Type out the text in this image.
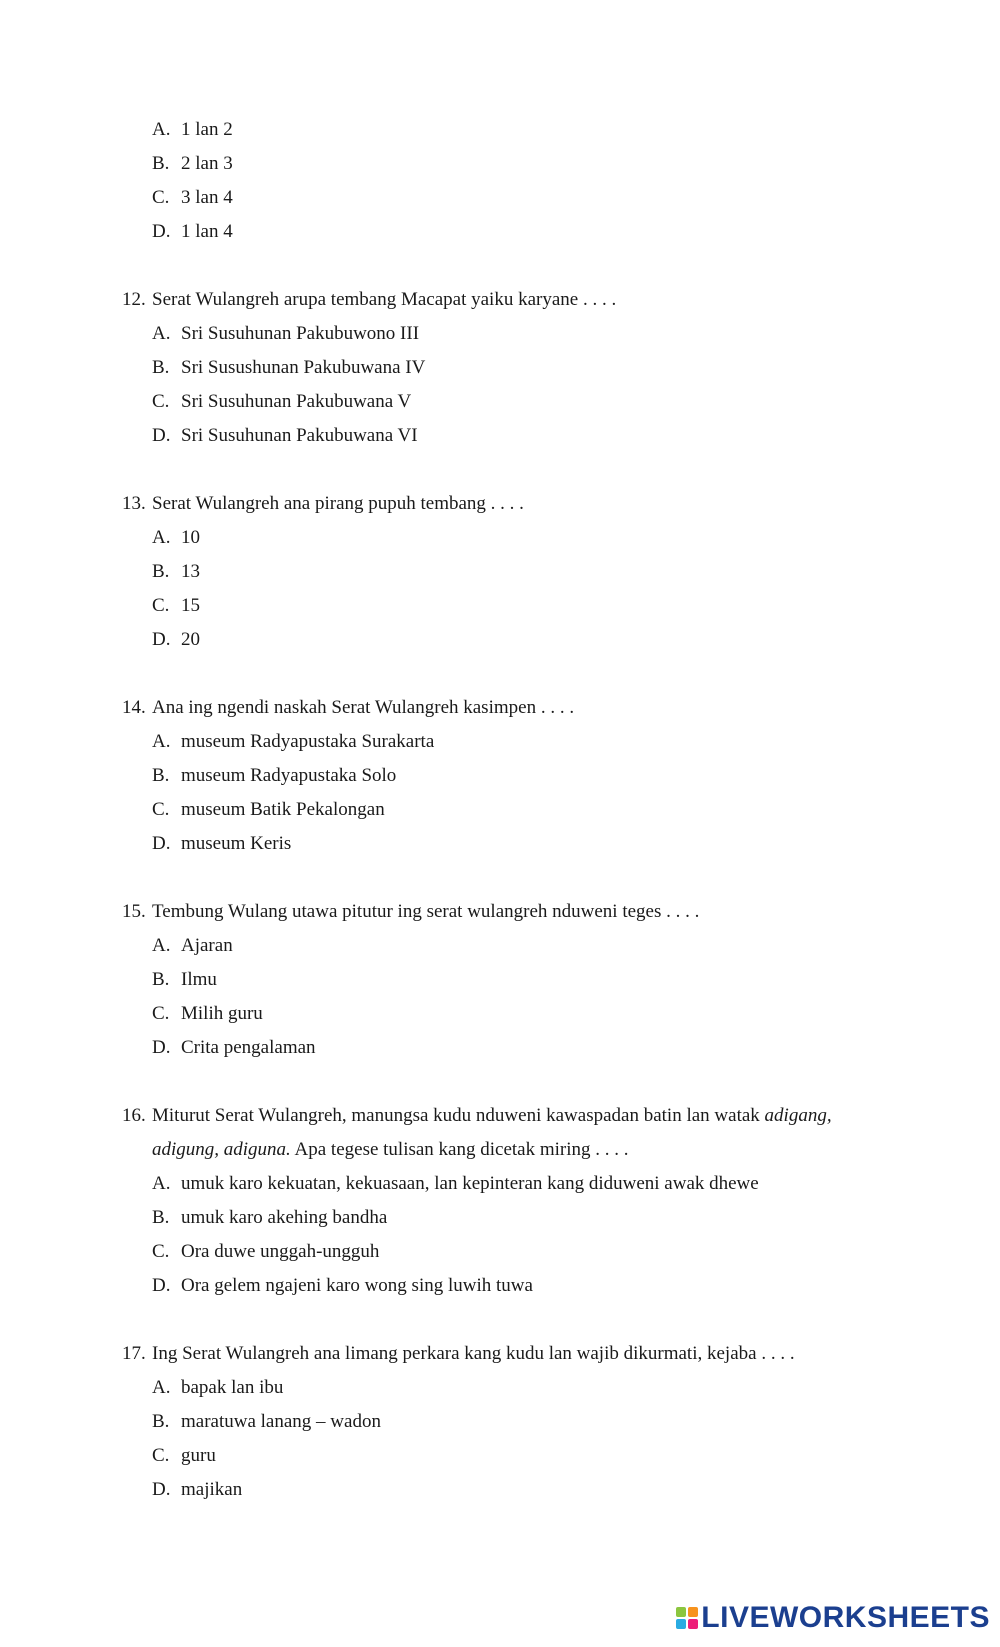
A. 1 lan 2
B. 2 lan 3
C. 3 lan 4
D. 1 lan 4
12. Serat Wulangreh arupa tembang Macapat yaiku karyane . . . .
A. Sri Susuhunan Pakubuwono III
B. Sri Susushunan Pakubuwana IV
C. Sri Susuhunan Pakubuwana V
D. Sri Susuhunan Pakubuwana VI
13. Serat Wulangreh ana pirang pupuh tembang . . . .
A. 10
B. 13
C. 15
D. 20
14. Ana ing ngendi naskah Serat Wulangreh kasimpen . . . .
A. museum Radyapustaka Surakarta
B. museum Radyapustaka Solo
C. museum Batik Pekalongan
D. museum Keris
15. Tembung Wulang utawa pitutur ing serat wulangreh nduweni teges . . . .
A. Ajaran
B. Ilmu
C. Milih guru
D. Crita pengalaman
16. Miturut Serat Wulangreh, manungsa kudu nduweni kawaspadan batin lan watak adigang,
adigung, adiguna. Apa tegese tulisan kang dicetak miring . . . .
A. umuk karo kekuatan, kekuasaan, lan kepinteran kang diduweni awak dhewe
B. umuk karo akehing bandha
C. Ora duwe unggah-ungguh
D. Ora gelem ngajeni karo wong sing luwih tuwa
17. Ing Serat Wulangreh ana limang perkara kang kudu lan wajib dikurmati, kejaba . . . .
A. bapak lan ibu
B. maratuwa lanang – wadon
C. guru
D. majikan
LIVEWORKSHEETS
